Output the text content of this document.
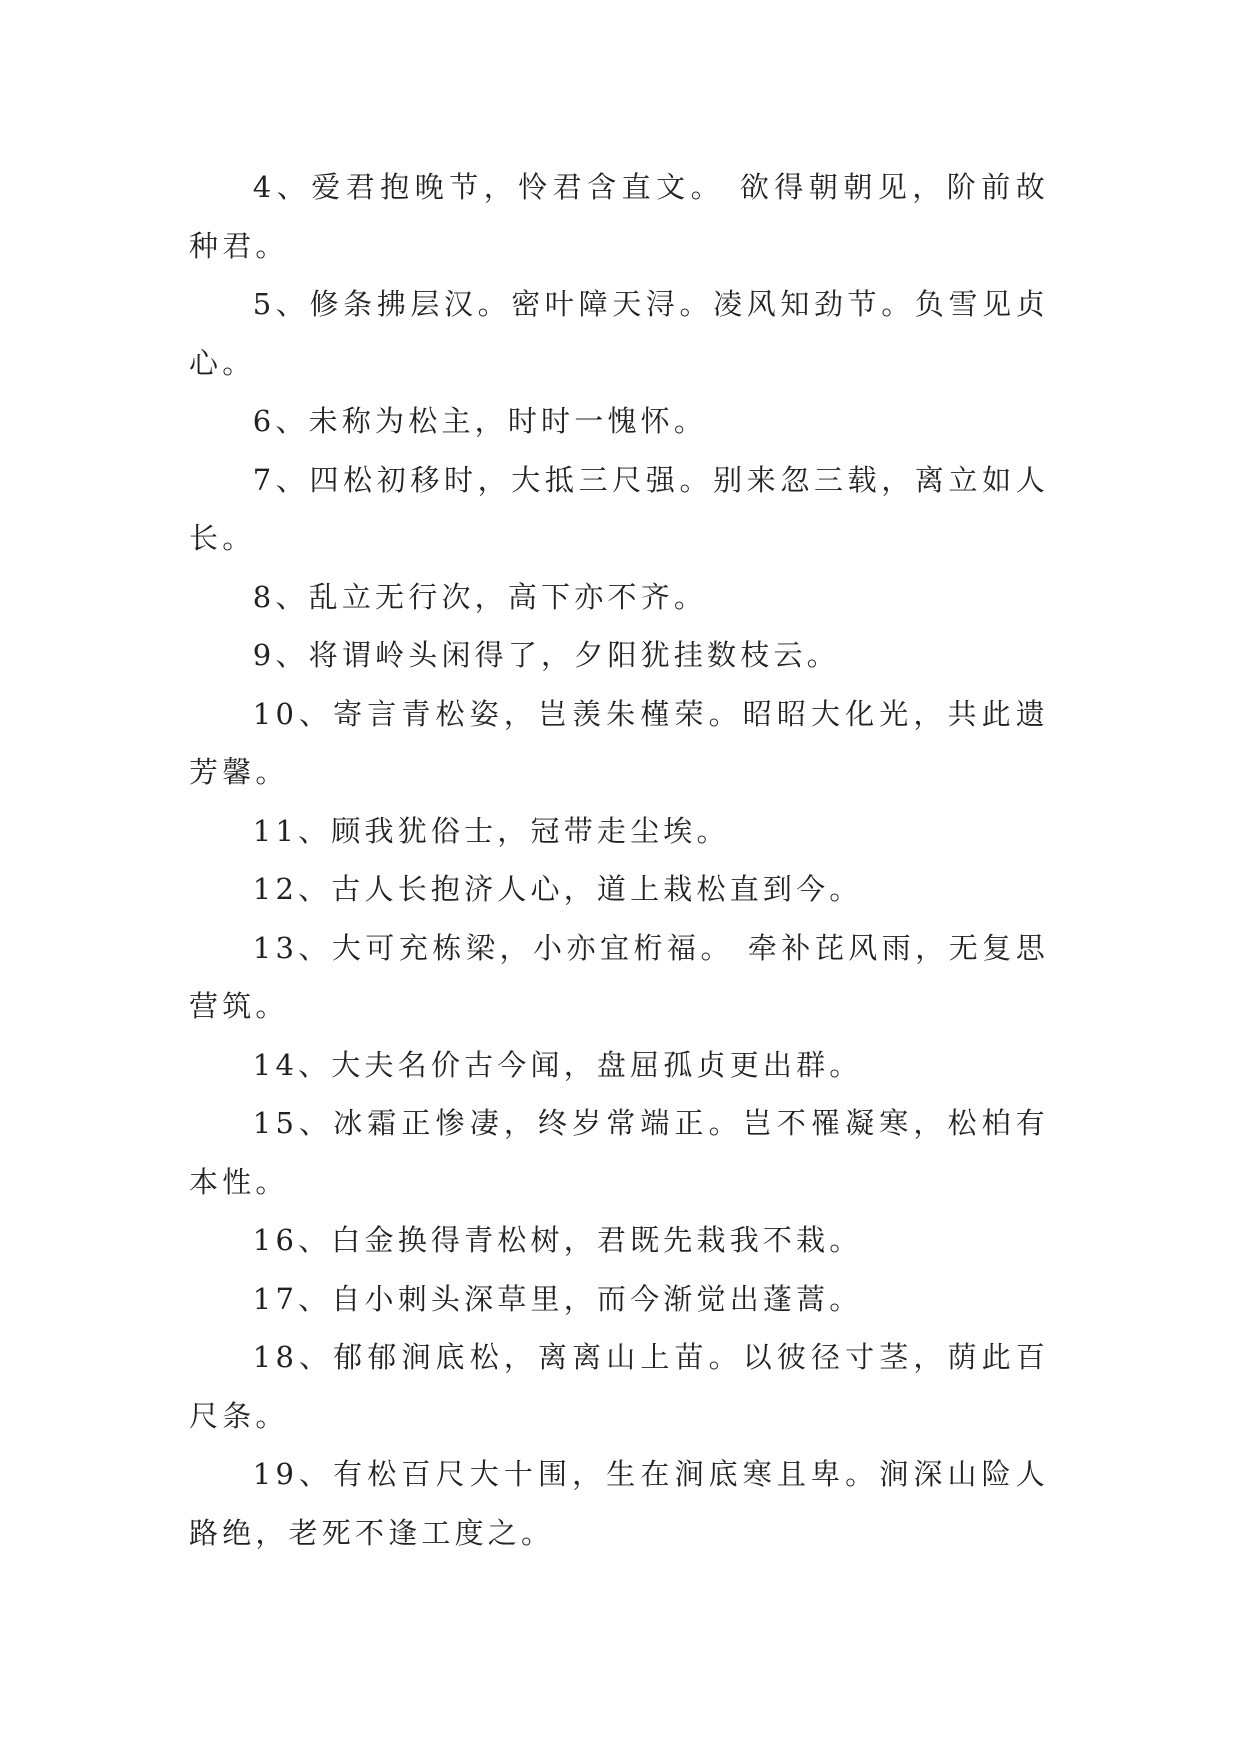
4、爱君抱晚节，怜君含直文。 欲得朝朝见，阶前故种君。

5、修条拂层汉。密叶障天浔。凌风知劲节。负雪见贞心。

6、未称为松主，时时一愧怀。

7、四松初移时，大抵三尺强。别来忽三载，离立如人长。

8、乱立无行次，高下亦不齐。

9、将谓岭头闲得了，夕阳犹挂数枝云。

10、寄言青松姿，岂羡朱槿荣。昭昭大化光，共此遗芳馨。

11、顾我犹俗士，冠带走尘埃。

12、古人长抱济人心，道上栽松直到今。

13、大可充栋梁，小亦宜桁福。 牵补芘风雨，无复思营筑。

14、大夫名价古今闻，盘屈孤贞更出群。

15、冰霜正惨凄，终岁常端正。岂不罹凝寒，松柏有本性。

16、白金换得青松树，君既先栽我不栽。

17、自小刺头深草里，而今渐觉出蓬蒿。

18、郁郁涧底松，离离山上苗。以彼径寸茎，荫此百尺条。

19、有松百尺大十围，生在涧底寒且卑。涧深山险人路绝，老死不逢工度之。
